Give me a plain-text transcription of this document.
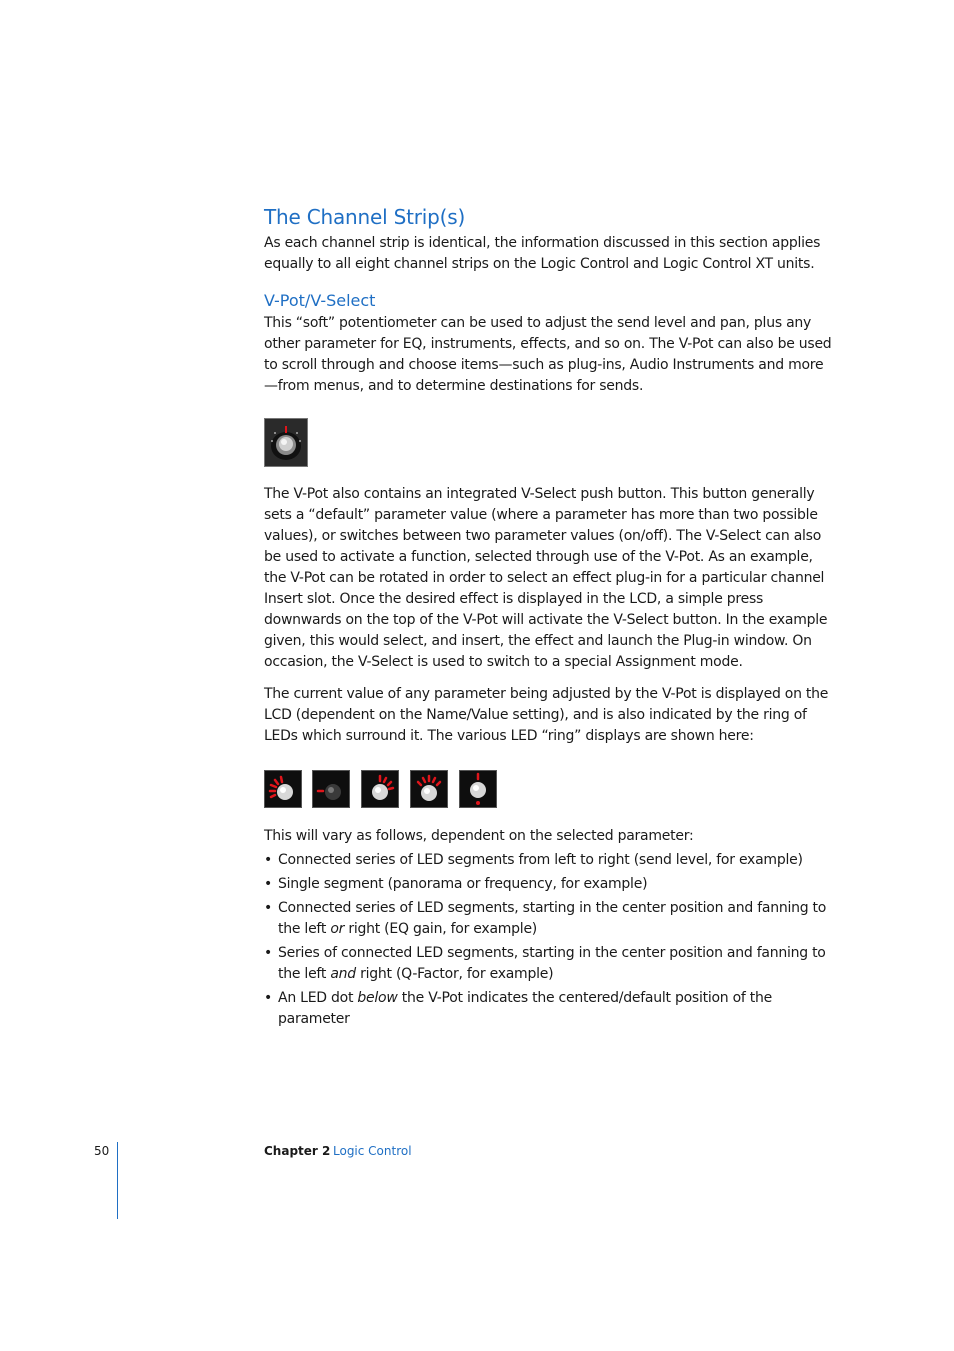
The Channel Strip(s)

As each channel strip is identical, the information discussed in this section applies equally to all eight channel strips on the Logic Control and Logic Control XT units.

V-Pot/V-Select

This “soft” potentiometer can be used to adjust the send level and pan, plus any other parameter for EQ, instruments, effects, and so on. The V-Pot can also be used to scroll through and choose items—such as plug-ins, Audio Instruments and more—from menus, and to determine destinations for sends.

The V-Pot also contains an integrated V-Select push button. This button generally sets a “default” parameter value (where a parameter has more than two possible values), or switches between two parameter values (on/off). The V-Select can also be used to activate a function, selected through use of the V-Pot. As an example, the V-Pot can be rotated in order to select an effect plug-in for a particular channel Insert slot. Once the desired effect is displayed in the LCD, a simple press downwards on the top of the V-Pot will activate the V-Select button. In the example given, this would select, and insert, the effect and launch the Plug-in window. On occasion, the V-Select is used to switch to a special Assignment mode.

The current value of any parameter being adjusted by the V-Pot is displayed on the LCD (dependent on the Name/Value setting), and is also indicated by the ring of LEDs which surround it. The various LED “ring” displays are shown here:

This will vary as follows, dependent on the selected parameter:

• Connected series of LED segments from left to right (send level, for example)
• Single segment (panorama or frequency, for example)
• Connected series of LED segments, starting in the center position and fanning to the left or right (EQ gain, for example)
• Series of connected LED segments, starting in the center position and fanning to the left and right (Q-Factor, for example)
• An LED dot below the V-Pot indicates the centered/default position of the parameter
50	Chapter 2 Logic Control
